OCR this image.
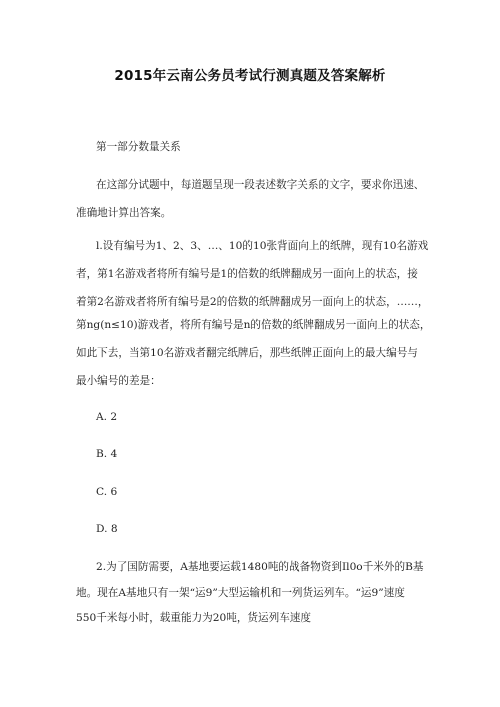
2015年云南公务员考试行测真题及答案解析
第一部分数量关系
在这部分试题中，每道题呈现一段表述数字关系的文字，要求你迅速、
准确地计算出答案。
l.设有编号为1、2、3、…、10的10张背面向上的纸牌，现有10名游戏
者，第1名游戏者将所有编号是1的倍数的纸牌翻成另一面向上的状态，接
着第2名游戏者将所有编号是2的倍数的纸牌翻成另一面向上的状态，……，
第ng(n≤10)游戏者，将所有编号是n的倍数的纸牌翻成另一面向上的状态，
如此下去，当第10名游戏者翻完纸牌后，那些纸牌正面向上的最大编号与
最小编号的差是：
A. 2
B. 4
C. 6
D. 8
2.为了国防需要，A基地要运载1480吨的战备物资到Il0o千米外的B基
地。现在A基地只有一架“运9”大型运输机和一列货运列车。“运9”速度
550千米每小时，载重能力为20吨，货运列车速度
